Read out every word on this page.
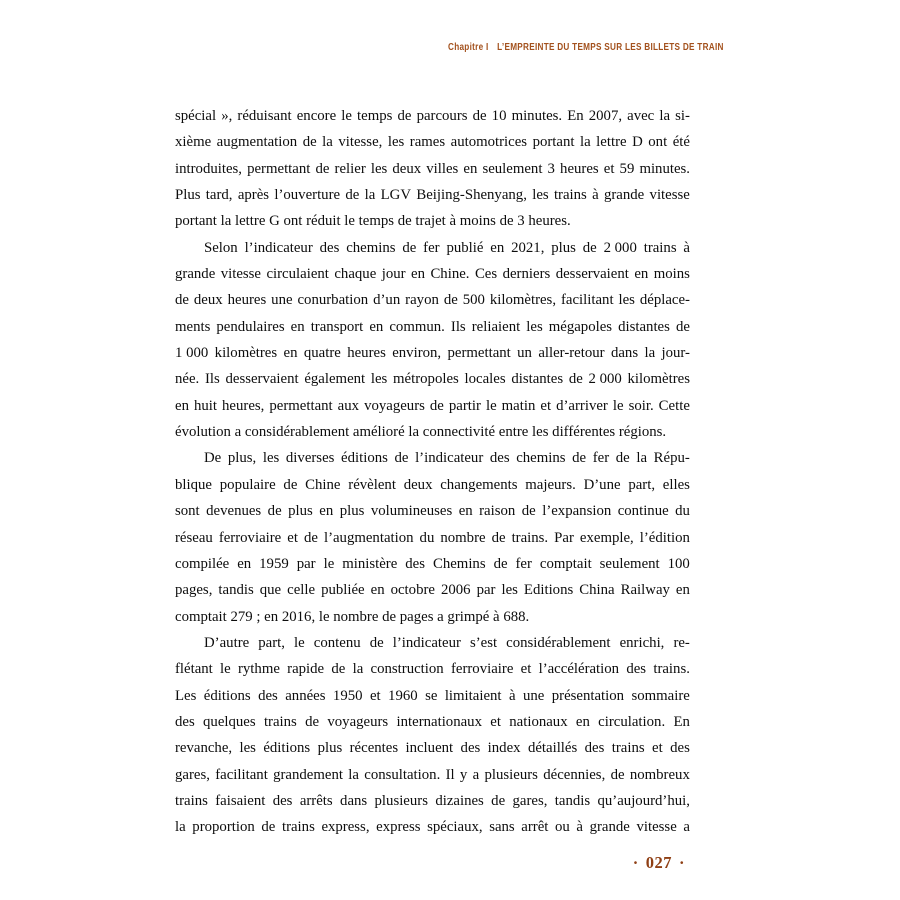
Chapitre I L’EMPREINTE DU TEMPS SUR LES BILLETS DE TRAIN
spécial », réduisant encore le temps de parcours de 10 minutes. En 2007, avec la si-
xième augmentation de la vitesse, les rames automotrices portant la lettre D ont été
introduites, permettant de relier les deux villes en seulement 3 heures et 59 minutes.
Plus tard, après l’ouverture de la LGV Beijing-Shenyang, les trains à grande vitesse
portant la lettre G ont réduit le temps de trajet à moins de 3 heures.
Selon l’indicateur des chemins de fer publié en 2021, plus de 2 000 trains à
grande vitesse circulaient chaque jour en Chine. Ces derniers desservaient en moins
de deux heures une conurbation d’un rayon de 500 kilomètres, facilitant les déplace-
ments pendulaires en transport en commun. Ils reliaient les mégapoles distantes de
1 000 kilomètres en quatre heures environ, permettant un aller-retour dans la jour-
née. Ils desservaient également les métropoles locales distantes de 2 000 kilomètres
en huit heures, permettant aux voyageurs de partir le matin et d’arriver le soir. Cette
évolution a considérablement amélioré la connectivité entre les différentes régions.
De plus, les diverses éditions de l’indicateur des chemins de fer de la Répu-
blique populaire de Chine révèlent deux changements majeurs. D’une part, elles
sont devenues de plus en plus volumineuses en raison de l’expansion continue du
réseau ferroviaire et de l’augmentation du nombre de trains. Par exemple, l’édition
compilée en 1959 par le ministère des Chemins de fer comptait seulement 100
pages, tandis que celle publiée en octobre 2006 par les Editions China Railway en
comptait 279 ; en 2016, le nombre de pages a grimpé à 688.
D’autre part, le contenu de l’indicateur s’est considérablement enrichi, re-
flétant le rythme rapide de la construction ferroviaire et l’accélération des trains.
Les éditions des années 1950 et 1960 se limitaient à une présentation sommaire
des quelques trains de voyageurs internationaux et nationaux en circulation. En
revanche, les éditions plus récentes incluent des index détaillés des trains et des
gares, facilitant grandement la consultation. Il y a plusieurs décennies, de nombreux
trains faisaient des arrêts dans plusieurs dizaines de gares, tandis qu’aujourd’hui,
la proportion de trains express, express spéciaux, sans arrêt ou à grande vitesse a
· 027 ·
